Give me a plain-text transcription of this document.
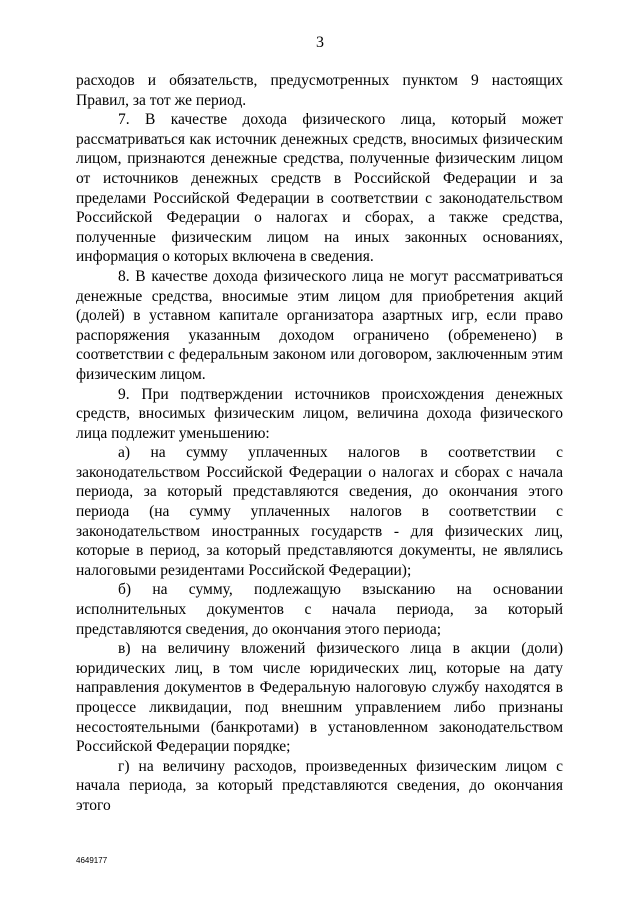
3

расходов и обязательств, предусмотренных пунктом 9 настоящих Правил, за тот же период.

7. В качестве дохода физического лица, который может рассматриваться как источник денежных средств, вносимых физическим лицом, признаются денежные средства, полученные физическим лицом от источников денежных средств в Российской Федерации и за пределами Российской Федерации в соответствии с законодательством Российской Федерации о налогах и сборах, а также средства, полученные физическим лицом на иных законных основаниях, информация о которых включена в сведения.

8. В качестве дохода физического лица не могут рассматриваться денежные средства, вносимые этим лицом для приобретения акций (долей) в уставном капитале организатора азартных игр, если право распоряжения указанным доходом ограничено (обременено) в соответствии с федеральным законом или договором, заключенным этим физическим лицом.

9. При подтверждении источников происхождения денежных средств, вносимых физическим лицом, величина дохода физического лица подлежит уменьшению:

а) на сумму уплаченных налогов в соответствии с законодательством Российской Федерации о налогах и сборах с начала периода, за который представляются сведения, до окончания этого периода (на сумму уплаченных налогов в соответствии с законодательством иностранных государств - для физических лиц, которые в период, за который представляются документы, не являлись налоговыми резидентами Российской Федерации);

б) на сумму, подлежащую взысканию на основании исполнительных документов с начала периода, за который представляются сведения, до окончания этого периода;

в) на величину вложений физического лица в акции (доли) юридических лиц, в том числе юридических лиц, которые на дату направления документов в Федеральную налоговую службу находятся в процессе ликвидации, под внешним управлением либо признаны несостоятельными (банкротами) в установленном законодательством Российской Федерации порядке;

г) на величину расходов, произведенных физическим лицом с начала периода, за который представляются сведения, до окончания этого

4649177
